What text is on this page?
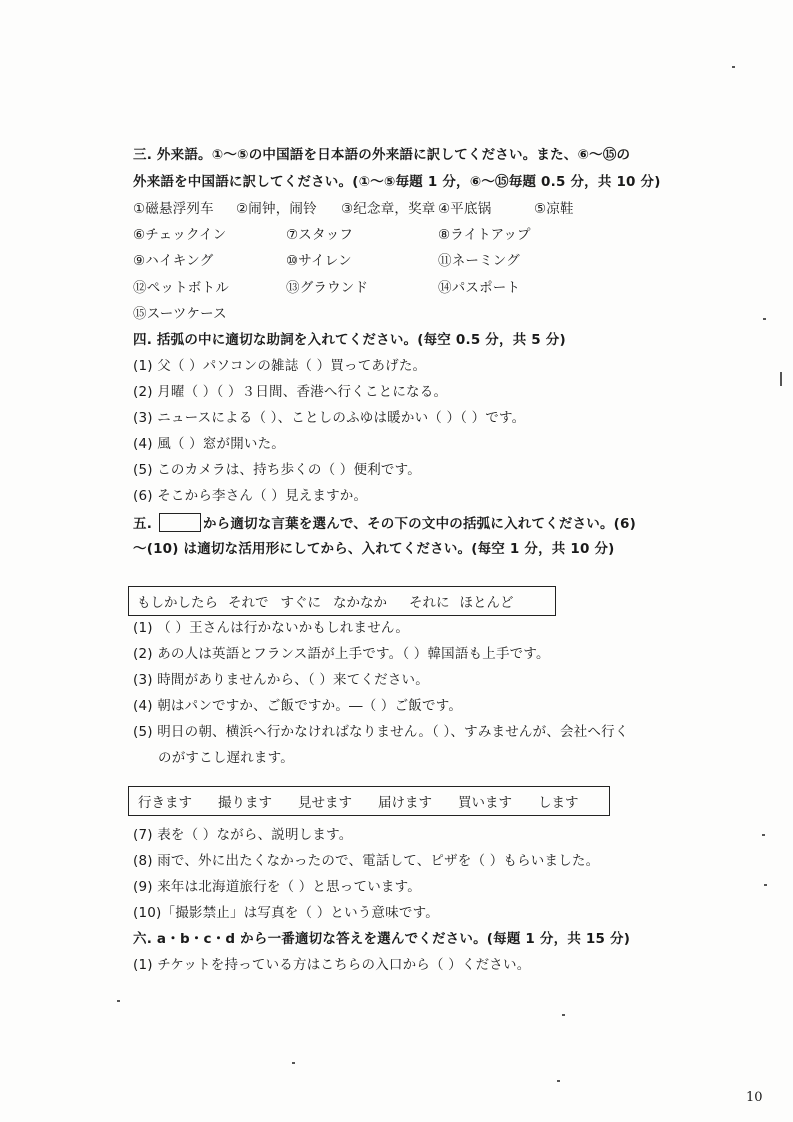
三. 外来語。①～⑤の中国語を日本語の外来語に訳してください。また、⑥～⑮の
外来語を中国語に訳してください。(①～⑤毎題 1 分，⑥～⑮毎題 0.5 分，共 10 分)
①磁悬浮列车 ②闹钟，闹铃 ③纪念章，奖章 ④平底锅	⑤凉鞋
⑥チェックイン	⑦スタッフ	⑧ライトアップ
⑨ハイキング	⑩サイレン	⑪ネーミング
⑫ペットボトル	⑬グラウンド	⑭パスポート
⑮スーツケース
四. 括弧の中に適切な助詞を入れてください。(每空 0.5 分，共 5 分)
(1) 父（ ）パソコンの雑誌（ ）買ってあげた。
(2) 月曜（ ）（ ）３日間、香港へ行くことになる。
(3) ニュースによる（ ）、ことしのふゆは暖かい（ ）（ ）です。
(4) 風（ ）窓が開いた。
(5) このカメラは、持ち歩くの（ ）便利です。
(6) そこから李さん（ ）見えますか。
五.	から適切な言葉を選んで、その下の文中の括弧に入れてください。(6)
～(10) は適切な活用形にしてから、入れてください。(每空 1 分，共 10 分)
もしかしたら それで すぐに なかなか それに ほとんど
(1) （ ）王さんは行かないかもしれません。
(2) あの人は英語とフランス語が上手です。（ ）韓国語も上手です。
(3) 時間がありませんから、（ ）来てください。
(4) 朝はパンですか、ご飯ですか。―（ ）ご飯です。
(5) 明日の朝、横浜へ行かなければなりません。（ ）、すみませんが、会社へ行く
のがすこし遅れます。
行きます 撮ります 見せます 届けます 買います します
(7) 表を（ ）ながら、説明します。
(8) 雨で、外に出たくなかったので、電話して、ピザを（ ）もらいました。
(9) 来年は北海道旅行を（ ）と思っています。
(10)「撮影禁止」は写真を（ ）という意味です。
六. a・b・c・d から一番適切な答えを選んでください。(每題 1 分，共 15 分)
(1) チケットを持っている方はこちらの入口から（ ）ください。
10
